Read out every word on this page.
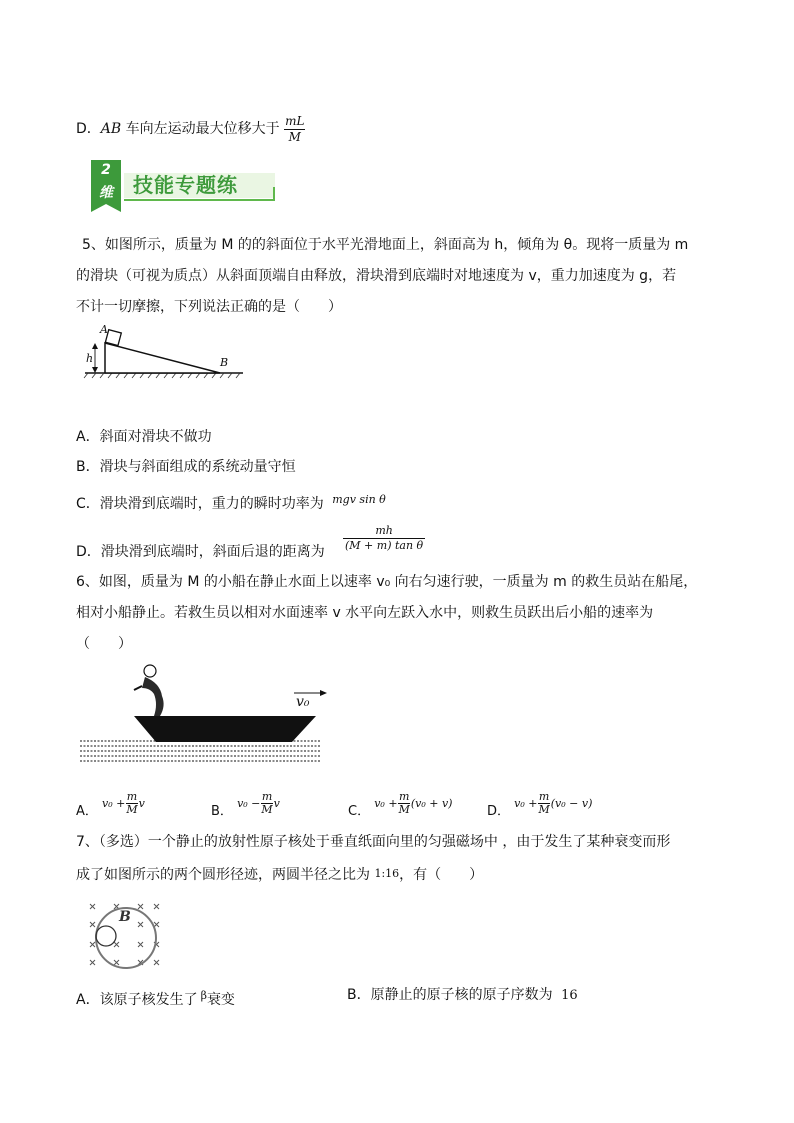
D．AB 车向左运动最大位移大于 $\frac{mL}{M}$
2
维	技能专题练
5、如图所示，质量为 M 的的斜面位于水平光滑地面上，斜面高为 h，倾角为 θ。现将一质量为 m
的滑块（可视为质点）从斜面顶端自由释放，滑块滑到底端时对地速度为 v，重力加速度为 g，若
不计一切摩擦，下列说法正确的是（　　）
A
B
h
A．斜面对滑块不做功
B．滑块与斜面组成的系统动量守恒
C．滑块滑到底端时，重力的瞬时功率为 $^{mgv sin \theta}$
D．滑块滑到底端时，斜面后退的距离为
mh
(M + m) tan θ
6、如图，质量为 M 的小船在静止水面上以速率 v₀ 向右匀速行驶，一质量为 m 的救生员站在船尾，
相对小船静止。若救生员以相对水面速率 v 水平向左跃入水中，则救生员跃出后小船的速率为
（　　）
v₀
A． $v_0 + \frac{m}{M}$ v
B． $v_0 - \frac{m}{M}$ v
C． $v_0 + \frac{m}{M} (v_0 + v)$
D． $v_0 + \frac{m}{M} (v_0 - v)$
7、（多选）一个静止的放射性原子核处于垂直纸面向里的匀强磁场中 ，由于发生了某种衰变而形
成了如图所示的两个圆形径迹，两圆半径之比为 1:16，有（　　）
B
A．该原子核发生了 $^\beta$衰变	B．原静止的原子核的原子序数为 16
